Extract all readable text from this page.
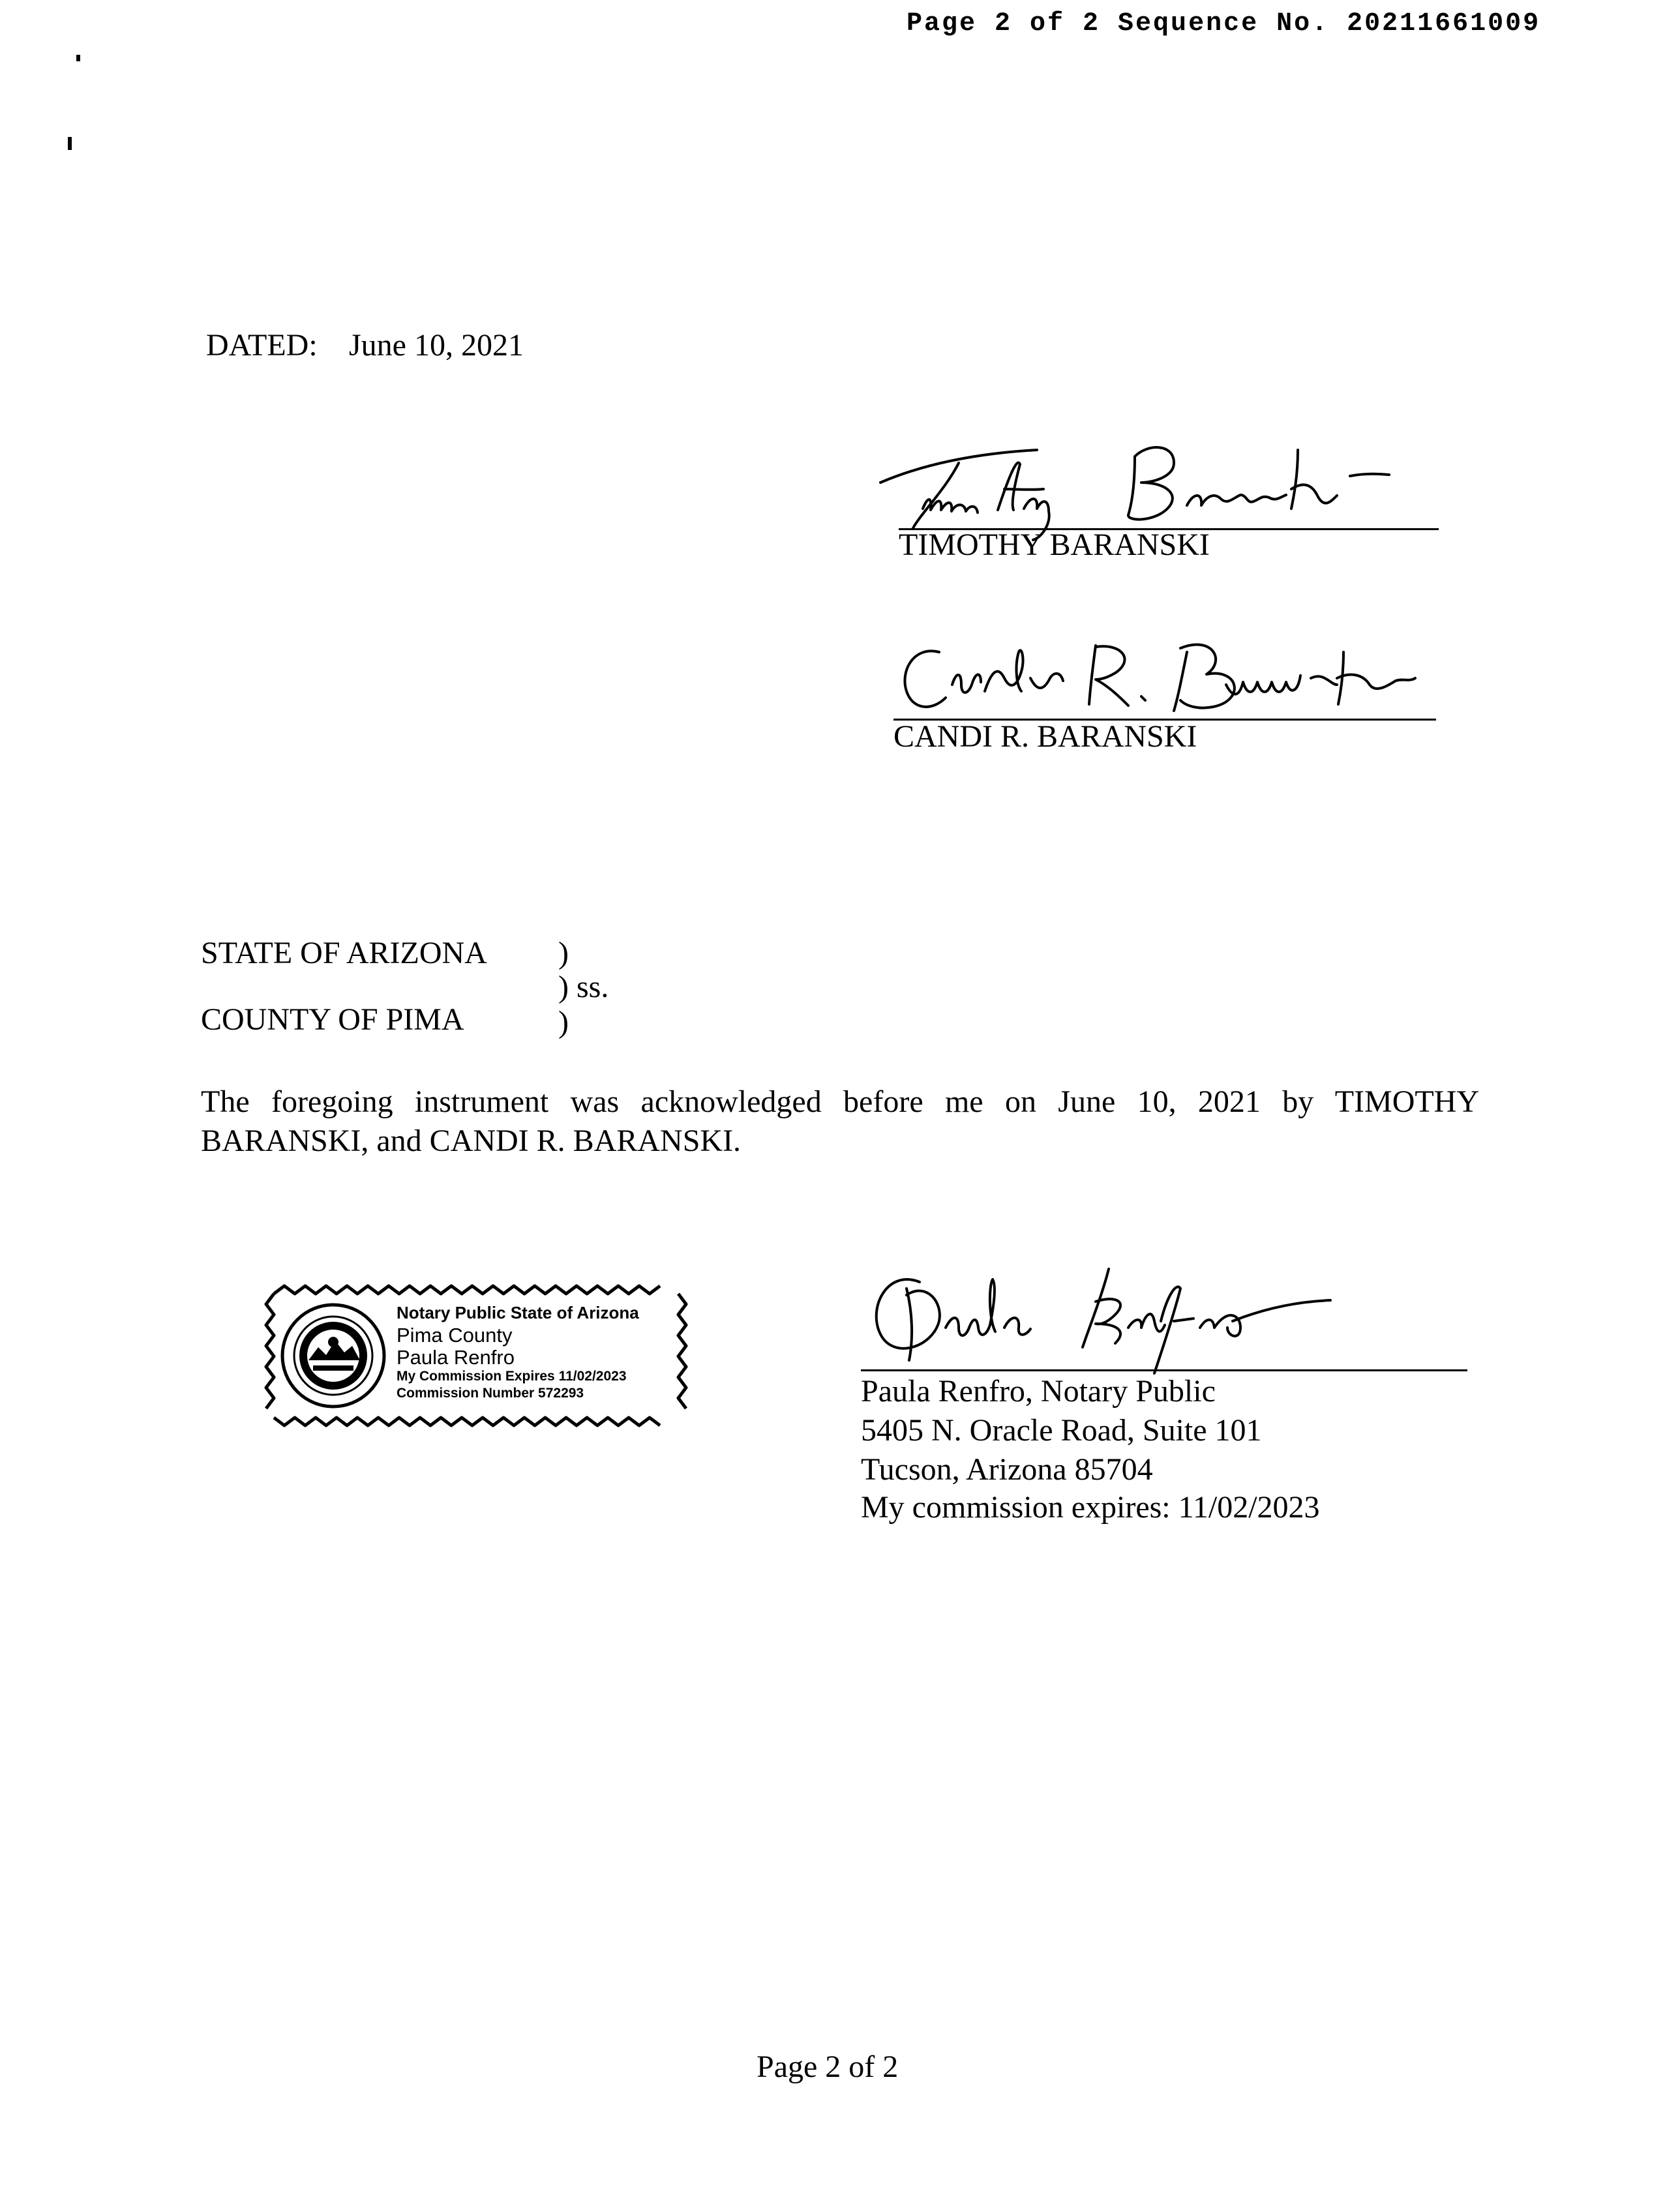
Page 2 of 2 Sequence No. 20211661009
DATED: June 10, 2021
TIMOTHY BARANSKI
CANDI R. BARANSKI
STATE OF ARIZONA )
) ss.
COUNTY OF PIMA	)
The foregoing instrument was acknowledged before me on June 10, 2021 by TIMOTHY
BARANSKI, and CANDI R. BARANSKI.
Notary Public State of Arizona
Pima County
Paula Renfro
My Commission Expires 11/02/2023
Commission Number 572293	Paula Renfro, Notary Public
5405 N. Oracle Road, Suite 101
Tucson, Arizona 85704
My commission expires: 11/02/2023
Page 2 of 2
